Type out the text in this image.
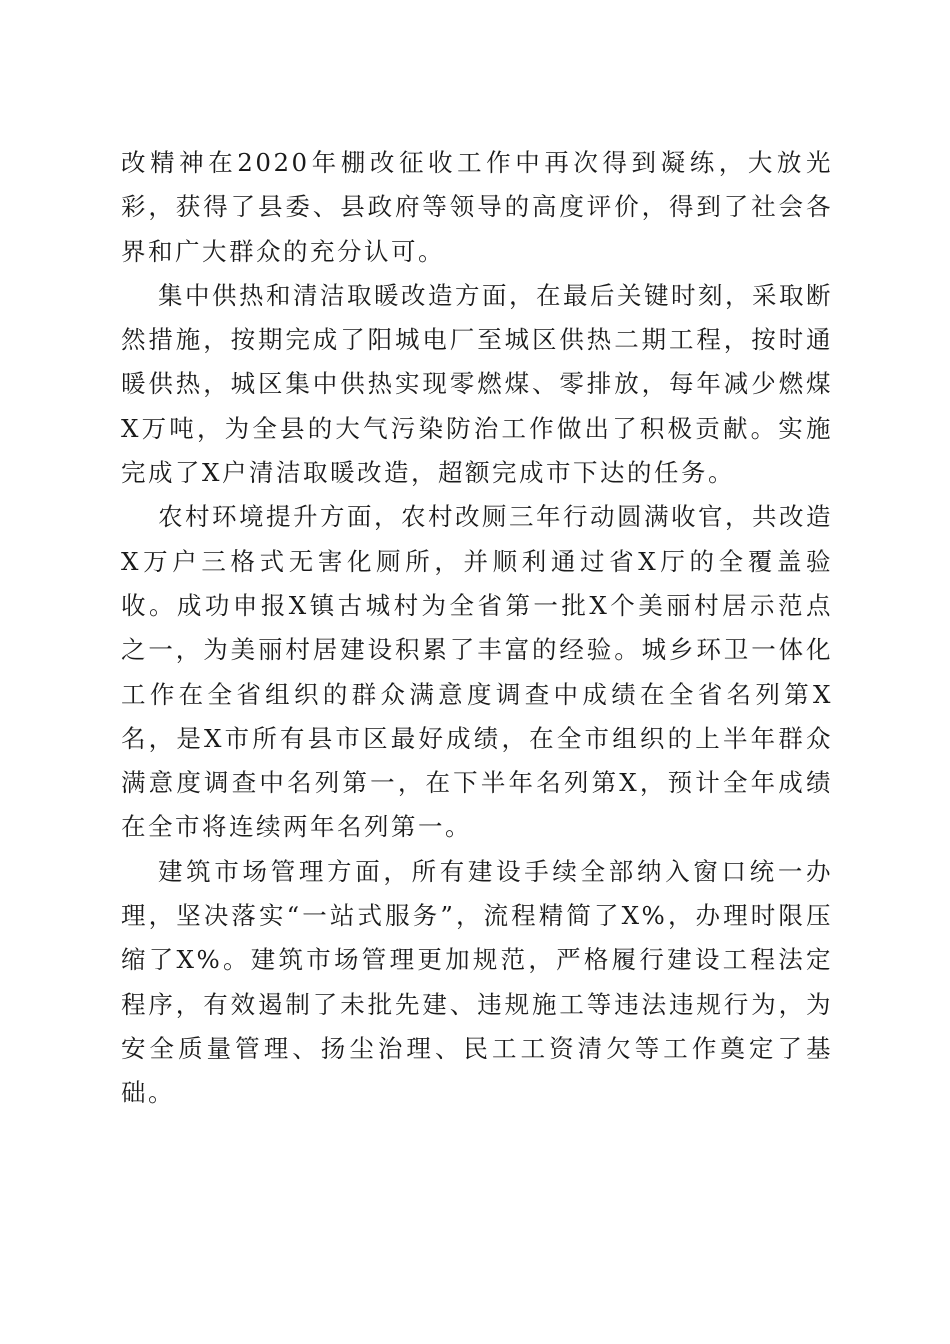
改精神在2020年棚改征收工作中再次得到凝练，大放光彩，获得了县委、县政府等领导的高度评价，得到了社会各界和广大群众的充分认可。

集中供热和清洁取暖改造方面，在最后关键时刻，采取断然措施，按期完成了阳城电厂至城区供热二期工程，按时通暖供热，城区集中供热实现零燃煤、零排放，每年减少燃煤X万吨，为全县的大气污染防治工作做出了积极贡献。实施完成了X户清洁取暖改造，超额完成市下达的任务。

农村环境提升方面，农村改厕三年行动圆满收官，共改造X万户三格式无害化厕所，并顺利通过省X厅的全覆盖验收。成功申报X镇古城村为全省第一批X个美丽村居示范点之一，为美丽村居建设积累了丰富的经验。城乡环卫一体化工作在全省组织的群众满意度调查中成绩在全省名列第X名，是X市所有县市区最好成绩，在全市组织的上半年群众满意度调查中名列第一，在下半年名列第X，预计全年成绩在全市将连续两年名列第一。

建筑市场管理方面，所有建设手续全部纳入窗口统一办理，坚决落实“一站式服务”，流程精简了X%，办理时限压缩了X%。建筑市场管理更加规范，严格履行建设工程法定程序，有效遏制了未批先建、违规施工等违法违规行为，为安全质量管理、扬尘治理、民工工资清欠等工作奠定了基础。
